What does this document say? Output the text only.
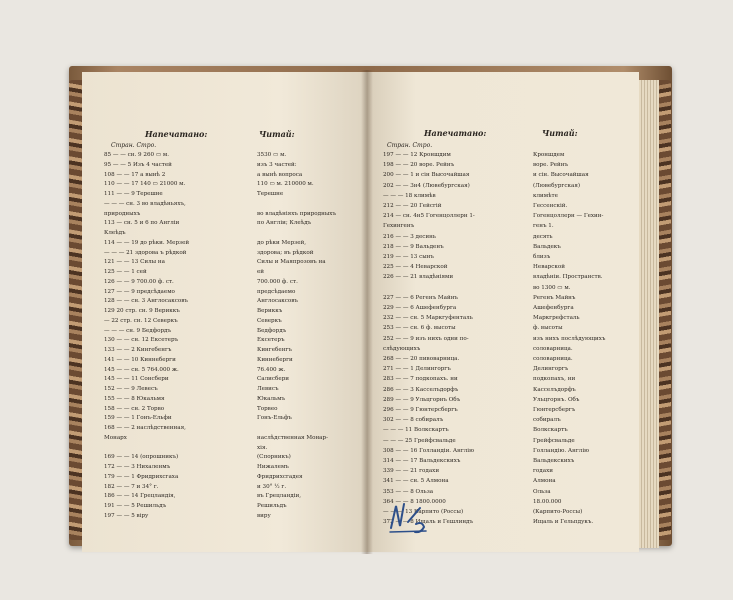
Напечатано:	Читай:
Стран. Стро.
85 — — сн. 9 260 ▭ м.	3530 ▭ м.
95 — — 5 Изъ 4 частей	изъ 3 частей:
108 — — 17 а вынѣ 2	а вынѣ вопроса
110 — — 17 140 ▭ 21000 м.	110 ▭ м. 210000 м.
111 — — 9 Терешне	Терешне
— — — сн. 3 во владѣньяхъ,
природныхъ	во владѣніяхъ природныхъ
113 — сн. 5 и 6 по Англіи	по Англіи; Клеѣдъ
Клеѣдъ
114 — — 19 до рѣки. Мерзей	до рѣки Мерзей,
— — — 21 здорова ъ рѣдкой	здорова; въ рѣдкой
121 — — 13 Силы на	Силы и Маяпрозовъ на
125 — — 1 сей	ей
126 — — 9 700.00 ф. ст.	700.000 ф. ст.
127 — — 9 предсѣдаемо	предсѣдаемо
128 — — сн. 3 Англосаксовъ	Англосаксовъ
129 20 стр. сн. 9 Вериккъ	Вериккъ
— 22 стр. сн. 12 Северкъ	Северкъ
— — — сн. 9 Бедфордъ	Бедфордъ
130 — — сн. 12 Ексетеръ	Ексетеръ
133 — — 2 Кингебенгъ	Кингебенгъ
141 — — 10 Киннеберги	Киннеберги
145 — — сн. 5 764.000 ж.	76.400 ж.
145 — — 11 Сонсбери	Салисбери
152 — — 9 Левесъ	Левисъ
155 — — 8 Юкальмя	Юкальмъ
158 — — сн. 2 Торво	Торвео
159 — — 1 Гонъ-Ельфи	Гонъ-Ельфъ
168 — — 2 наслѣдственная,
Монарх	наслѣдственная Монар-
хія.
169 — — 14 (опрошникъ)	(Спорникъ)
172 — — 3 Нихаленмъ	Нижалемъ
179 — — 1 Фридрихсгаха	Фридрихсгадея
182 — — 7 и 34° г.	и 30° ½ г.
186 — — 14 Грецландія,	въ Грецландіи,
191 — — 5 Решильдъ	Решильдъ
197 — — 5 вiру	виру
Напечатано:	Читай:
Стран. Стро.
197 — — 12 Кроншдим	Кроншдем
198 — — 20 воре. Рейнъ	воре. Рейнъ
200 — — 1 и сін Высочайшая	и сін. Высочайшая
202 — — 3н4 (Лювебургская)	(Лювебургская)
— — — 18 климѣв	климѣте
212 — — 20 Гейсгій	Гессенскій.
214 — сн. 4н5 Гогенцоллерн 1-	Гогенцоллерн — Гехин-
Гехингенъ	генъ 1.
216 — — 3 десинь	десять
218 — — 9 Вальденъ	Вальдекъ
219 — — 13 сынъ	близъ
225 — — 4 Неварской	Неварской
226 — — 21 владѣніями	владѣніи. Пространств.
во 1300 ▭ м.
227 — — 6 Регенъ Майнъ	Регенъ Майнъ
229 — — 6 Ашефенбурга	Ашефенбурга
232 — — сн. 5 Маркгуфенталь	Маркгрефсталь
253 — — сн. 6 ф. высоты	ф. высоты
252 — — 9 изъ нихъ одни по-	изъ нихъ послѣдующихъ
слѣдующихъ	соловарница.
268 — — 20 пивоварница.	соловарница.
271 — — 1 Делингоргъ	Делингоргъ
283 — — 7 подкопахъ. ни	подкопахъ, ни
286 — — 3 Касселъдорфъ	Касселъдорфъ
289 — — 9 Ульцгорнъ Объ	Ульцгорнъ. Объ
296 — — 9 Гюнтерсбергъ	Гюнтерсбергъ
302 — — 8 собиралъ	собиралъ
— — — 11 Волкскартъ	Волкскартъ
— — — 25 Грейфсвальде	Грейфсвальде
308 — — 16 Голландіи. Англію	Голландію. Англію
314 — — 17 Вальдекскихъ	Вальдекскихъ
339 — — 21 годахи	годахи
341 — — сн. 5 Алмона	Алмона
353 — — 8 Ольза	Ольза
364 — — 8 1800.0000	18.00.000
— — — 13 Карпито (Россы)	(Карпито-Россы)
372 — — 8 Ищаль и Гешлиндъ	Ищаль и Гельпдукъ.
